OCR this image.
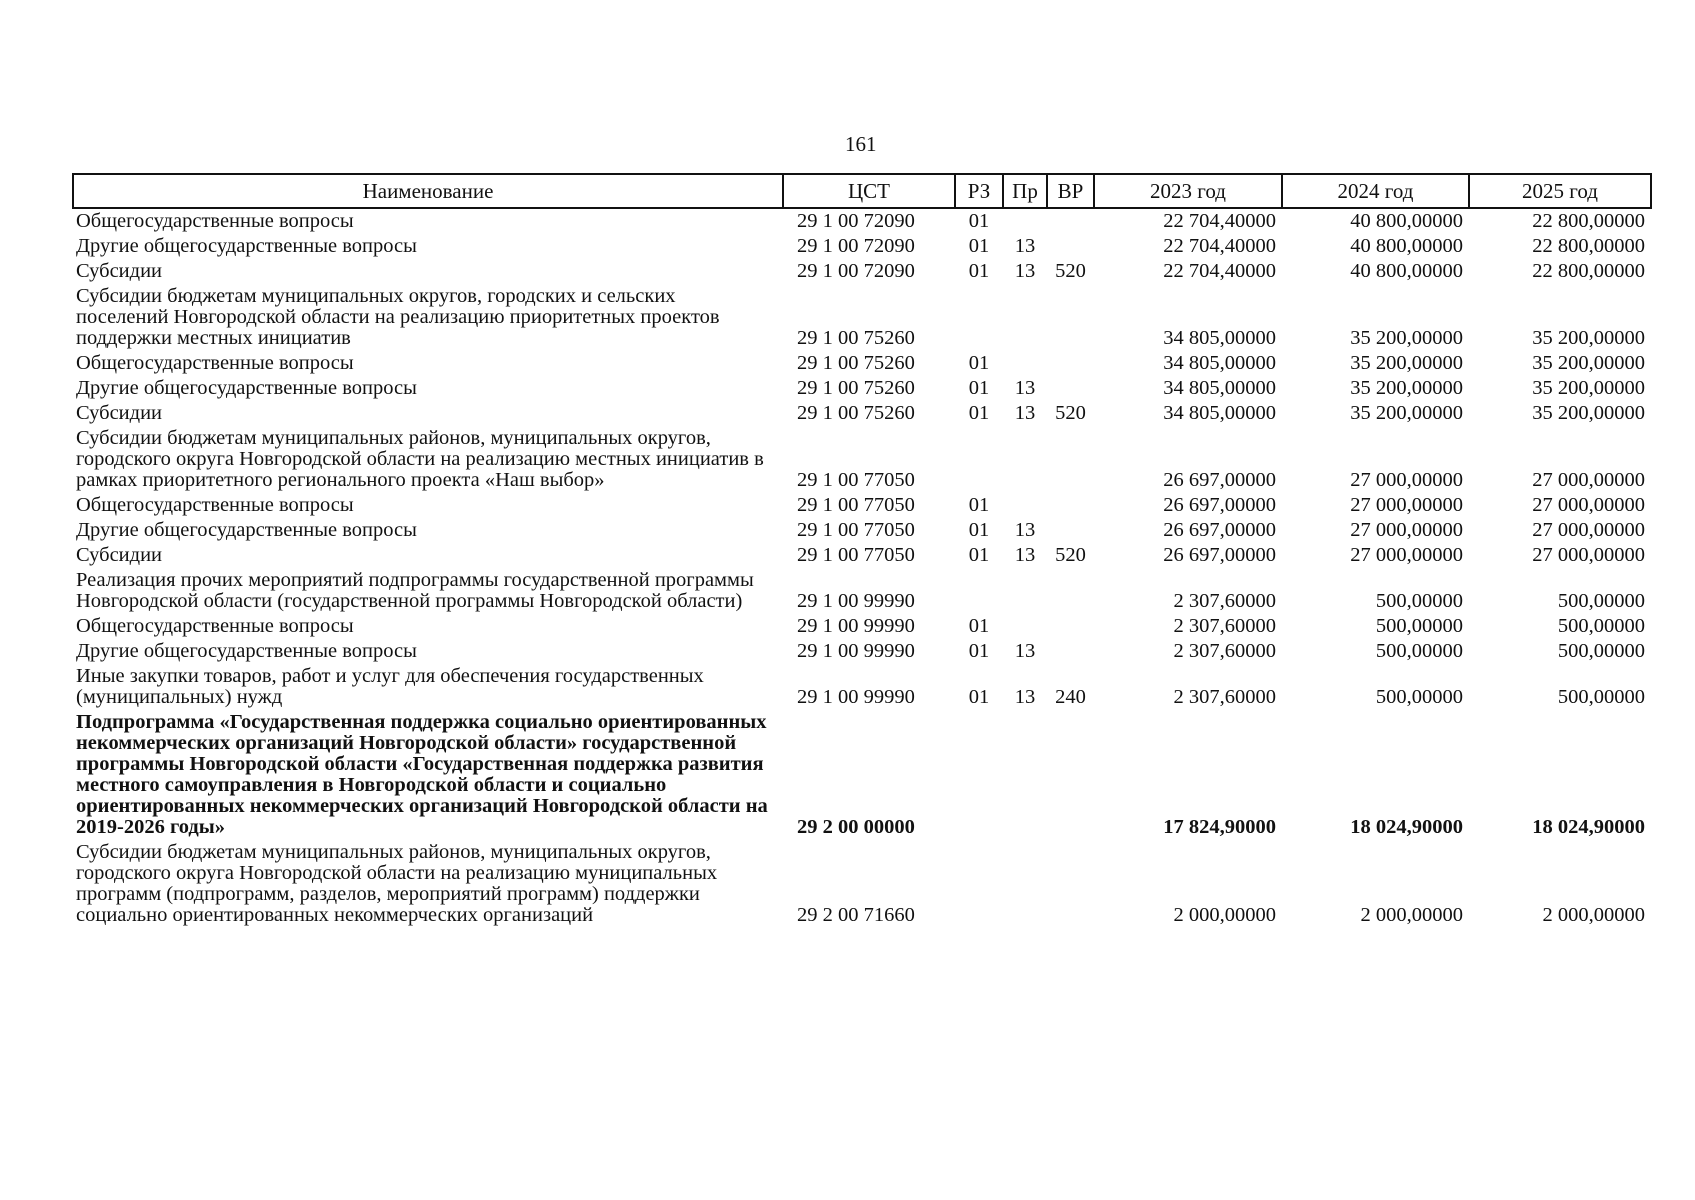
161
Наименование	ЦСТ	РЗ	Пр	ВР	2023 год	2024 год	2025 год
Общегосударственные вопросы	29 1 00 72090	01			22 704,40000	40 800,00000	22 800,00000
Другие общегосударственные вопросы	29 1 00 72090	01	13		22 704,40000	40 800,00000	22 800,00000
Субсидии	29 1 00 72090	01	13	520	22 704,40000	40 800,00000	22 800,00000
Субсидии бюджетам муниципальных округов, городских и сельских поселений Новгородской области на реализацию приоритетных проектов поддержки местных инициатив	29 1 00 75260				34 805,00000	35 200,00000	35 200,00000
Общегосударственные вопросы	29 1 00 75260	01			34 805,00000	35 200,00000	35 200,00000
Другие общегосударственные вопросы	29 1 00 75260	01	13		34 805,00000	35 200,00000	35 200,00000
Субсидии	29 1 00 75260	01	13	520	34 805,00000	35 200,00000	35 200,00000
Субсидии бюджетам муниципальных районов, муниципальных округов, городского округа Новгородской области на реализацию местных инициатив в рамках приоритетного регионального проекта «Наш выбор»	29 1 00 77050				26 697,00000	27 000,00000	27 000,00000
Общегосударственные вопросы	29 1 00 77050	01			26 697,00000	27 000,00000	27 000,00000
Другие общегосударственные вопросы	29 1 00 77050	01	13		26 697,00000	27 000,00000	27 000,00000
Субсидии	29 1 00 77050	01	13	520	26 697,00000	27 000,00000	27 000,00000
Реализация прочих мероприятий подпрограммы государственной программы Новгородской области (государственной программы Новгородской области)	29 1 00 99990				2 307,60000	500,00000	500,00000
Общегосударственные вопросы	29 1 00 99990	01			2 307,60000	500,00000	500,00000
Другие общегосударственные вопросы	29 1 00 99990	01	13		2 307,60000	500,00000	500,00000
Иные закупки товаров, работ и услуг для обеспечения государственных (муниципальных) нужд	29 1 00 99990	01	13	240	2 307,60000	500,00000	500,00000
Подпрограмма «Государственная поддержка социально ориентированных некоммерческих организаций Новгородской области» государственной программы Новгородской области «Государственная поддержка развития местного самоуправления в Новгородской области и социально ориентированных некоммерческих организаций Новгородской области на 2019-2026 годы»	29 2 00 00000				17 824,90000	18 024,90000	18 024,90000
Субсидии бюджетам муниципальных районов, муниципальных округов, городского округа Новгородской области на реализацию муниципальных программ (подпрограмм, разделов, мероприятий программ) поддержки социально ориентированных некоммерческих организаций	29 2 00 71660				2 000,00000	2 000,00000	2 000,00000
